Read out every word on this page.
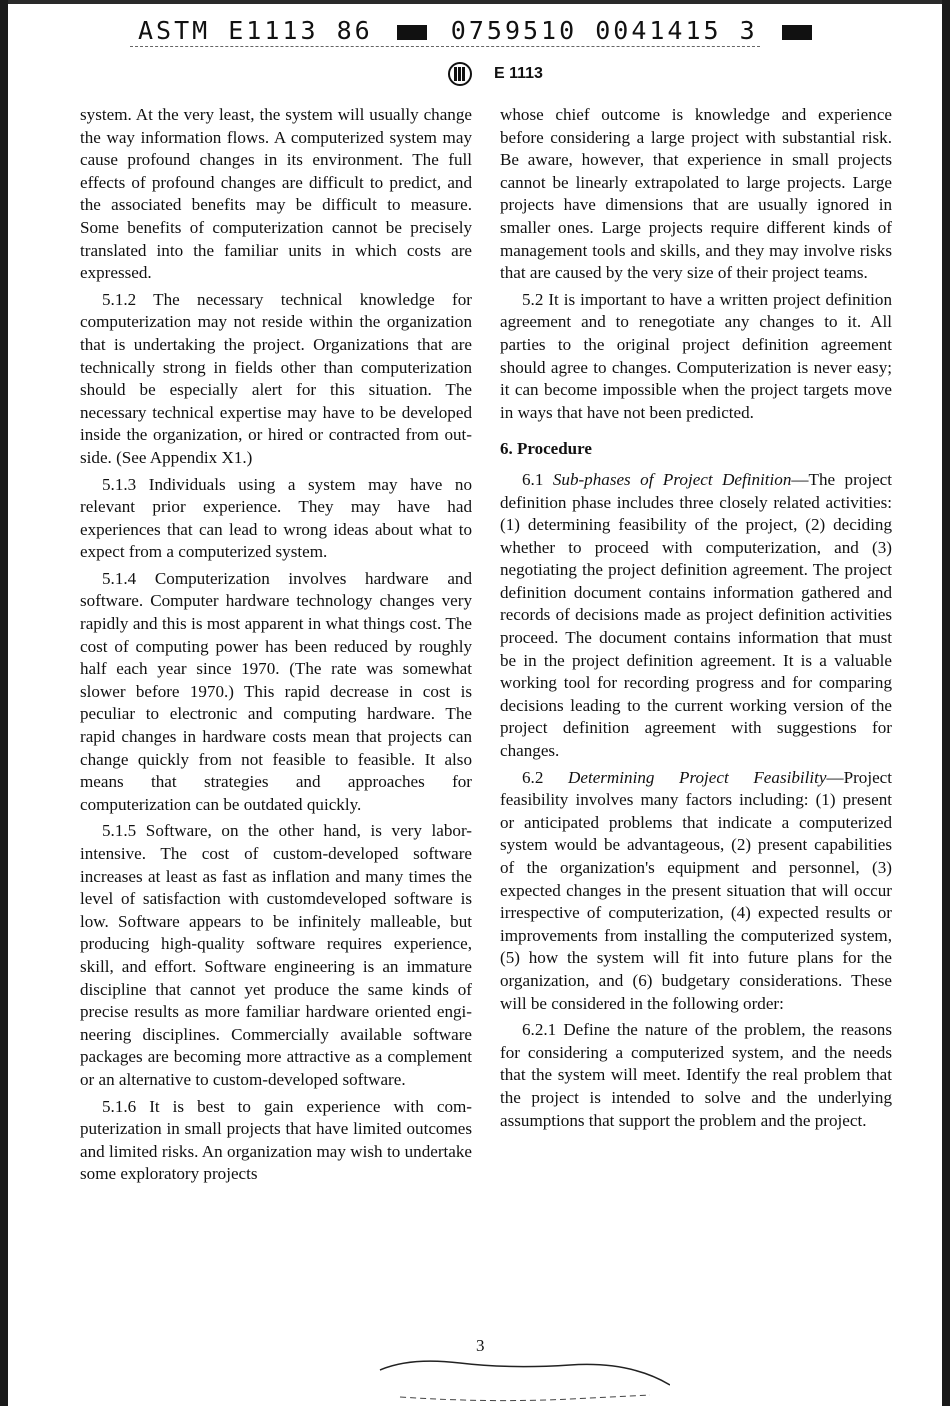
ASTM E1113 86	0759510 0041415 3
E 1113

system. At the very least, the system will usually change the way information flows. A computerized system may cause profound changes in its environment. The full effects of profound changes are difficult to predict, and the associated benefits may be difficult to measure. Some benefits of computerization cannot be precisely translated into the familiar units in which costs are expressed.

5.1.2 The necessary technical knowledge for computerization may not reside within the organization that is undertaking the project. Organizations that are technically strong in fields other than computerization should be especially alert for this situation. The necessary technical expertise may have to be developed inside the organization, or hired or contracted from outside. (See Appendix X1.)

5.1.3 Individuals using a system may have no relevant prior experience. They may have had experiences that can lead to wrong ideas about what to expect from a computerized system.

5.1.4 Computerization involves hardware and software. Computer hardware technology changes very rapidly and this is most apparent in what things cost. The cost of computing power has been reduced by roughly half each year since 1970. (The rate was somewhat slower before 1970.) This rapid decrease in cost is peculiar to electronic and computing hardware. The rapid changes in hardware costs mean that projects can change quickly from not feasible to feasible. It also means that strategies and approaches for computerization can be outdated quickly.

5.1.5 Software, on the other hand, is very labor-intensive. The cost of custom-developed software increases at least as fast as inflation and many times the level of satisfaction with customdeveloped software is low. Software appears to be infinitely malleable, but producing high-quality software requires experience, skill, and effort. Software engineering is an immature discipline that cannot yet produce the same kinds of precise results as more familiar hardware oriented engineering disciplines. Commercially available software packages are becoming more attractive as a complement or an alternative to custom-developed software.

5.1.6 It is best to gain experience with computerization in small projects that have limited outcomes and limited risks. An organization may wish to undertake some exploratory projects

whose chief outcome is knowledge and experience before considering a large project with substantial risk. Be aware, however, that experience in small projects cannot be linearly extrapolated to large projects. Large projects have dimensions that are usually ignored in smaller ones. Large projects require different kinds of management tools and skills, and they may involve risks that are caused by the very size of their project teams.

5.2 It is important to have a written project definition agreement and to renegotiate any changes to it. All parties to the original project definition agreement should agree to changes. Computerization is never easy; it can become impossible when the project targets move in ways that have not been predicted.

6. Procedure

6.1 Sub-phases of Project Definition—The project definition phase includes three closely related activities: (1) determining feasibility of the project, (2) deciding whether to proceed with computerization, and (3) negotiating the project definition agreement. The project definition document contains information gathered and records of decisions made as project definition activities proceed. The document contains information that must be in the project definition agreement. It is a valuable working tool for recording progress and for comparing decisions leading to the current working version of the project definition agreement with suggestions for changes.

6.2 Determining Project Feasibility—Project feasibility involves many factors including: (1) present or anticipated problems that indicate a computerized system would be advantageous, (2) present capabilities of the organization's equipment and personnel, (3) expected changes in the present situation that will occur irrespective of computerization, (4) expected results or improvements from installing the computerized system, (5) how the system will fit into future plans for the organization, and (6) budgetary considerations. These will be considered in the following order:

6.2.1 Define the nature of the problem, the reasons for considering a computerized system, and the needs that the system will meet. Identify the real problem that the project is intended to solve and the underlying assumptions that support the problem and the project.

3
